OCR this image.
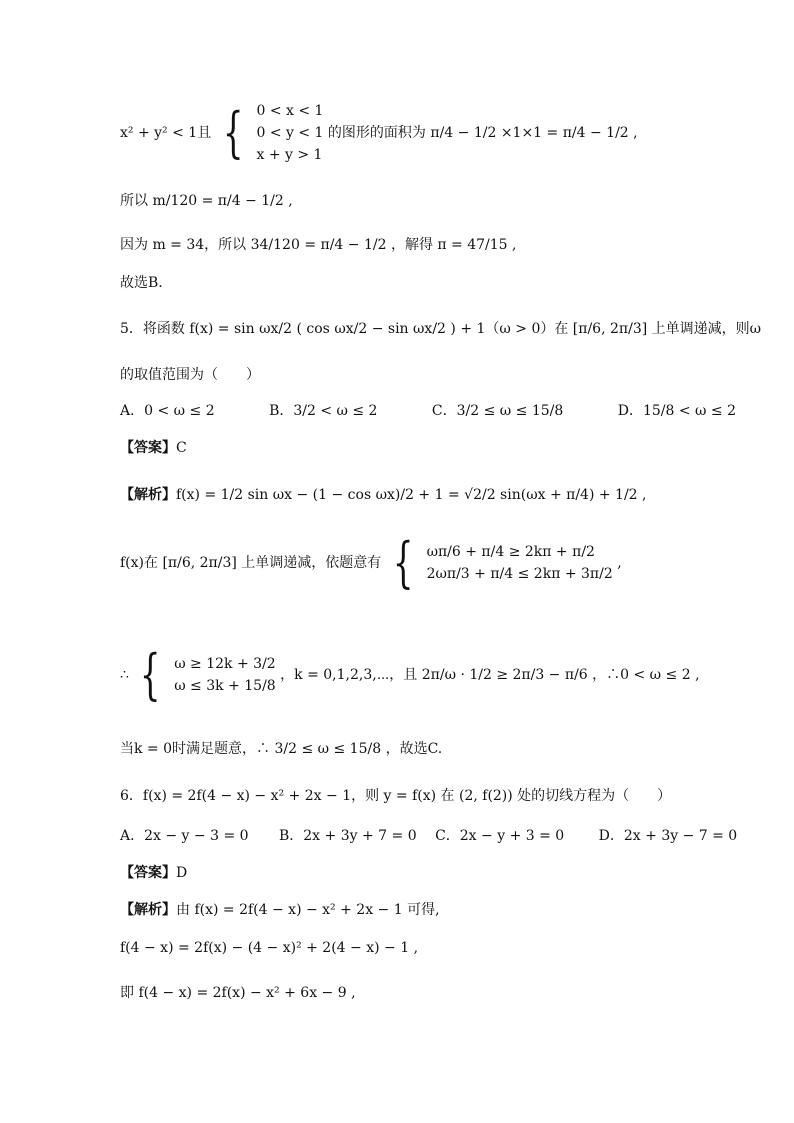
x² + y² < 1且 { 0 < x < 1
0 < y < 1
x + y > 1
的图形的面积为 π/4 − 1/2 ×1×1 = π/4 − 1/2 ,
所以 m/120 = π/4 − 1/2 ,
因为 m = 34，所以 34/120 = π/4 − 1/2 ，解得 π = 47/15 ,
故选B.
5．将函数 f(x) = sin ωx/2 ( cos ωx/2 − sin ωx/2 ) + 1（ω > 0）在 [π/6, 2π/3] 上单调递减，则ω
的取值范围为（　　）
A．0 < ω ≤ 2	B．3/2 < ω ≤ 2	C．3/2 ≤ ω ≤ 15/8	D．15/8 < ω ≤ 2
【答案】C
【解析】f(x) = 1/2 sin ωx − (1 − cos ωx)/2 + 1 = √2/2 sin(ωx + π/4) + 1/2 ,
f(x)在 [π/6, 2π/3] 上单调递减，依题意有 { ωπ/6 + π/4 ≥ 2kπ + π/2
2ωπ/3 + π/4 ≤ 2kπ + 3π/2
,
∴ { ω ≥ 12k + 3/2
ω ≤ 3k + 15/8
，k = 0,1,2,3,⋯，且 2π/ω · 1/2 ≥ 2π/3 − π/6 ，∴0 < ω ≤ 2 ,
当k = 0时满足题意，∴ 3/2 ≤ ω ≤ 15/8 ，故选C.
6．f(x) = 2f(4 − x) − x² + 2x − 1，则 y = f(x) 在 (2, f(2)) 处的切线方程为（　　）
A．2x − y − 3 = 0 B．2x + 3y + 7 = 0 C．2x − y + 3 = 0 D．2x + 3y − 7 = 0
【答案】D
【解析】由 f(x) = 2f(4 − x) − x² + 2x − 1 可得,
f(4 − x) = 2f(x) − (4 − x)² + 2(4 − x) − 1 ,
即 f(4 − x) = 2f(x) − x² + 6x − 9 ,
